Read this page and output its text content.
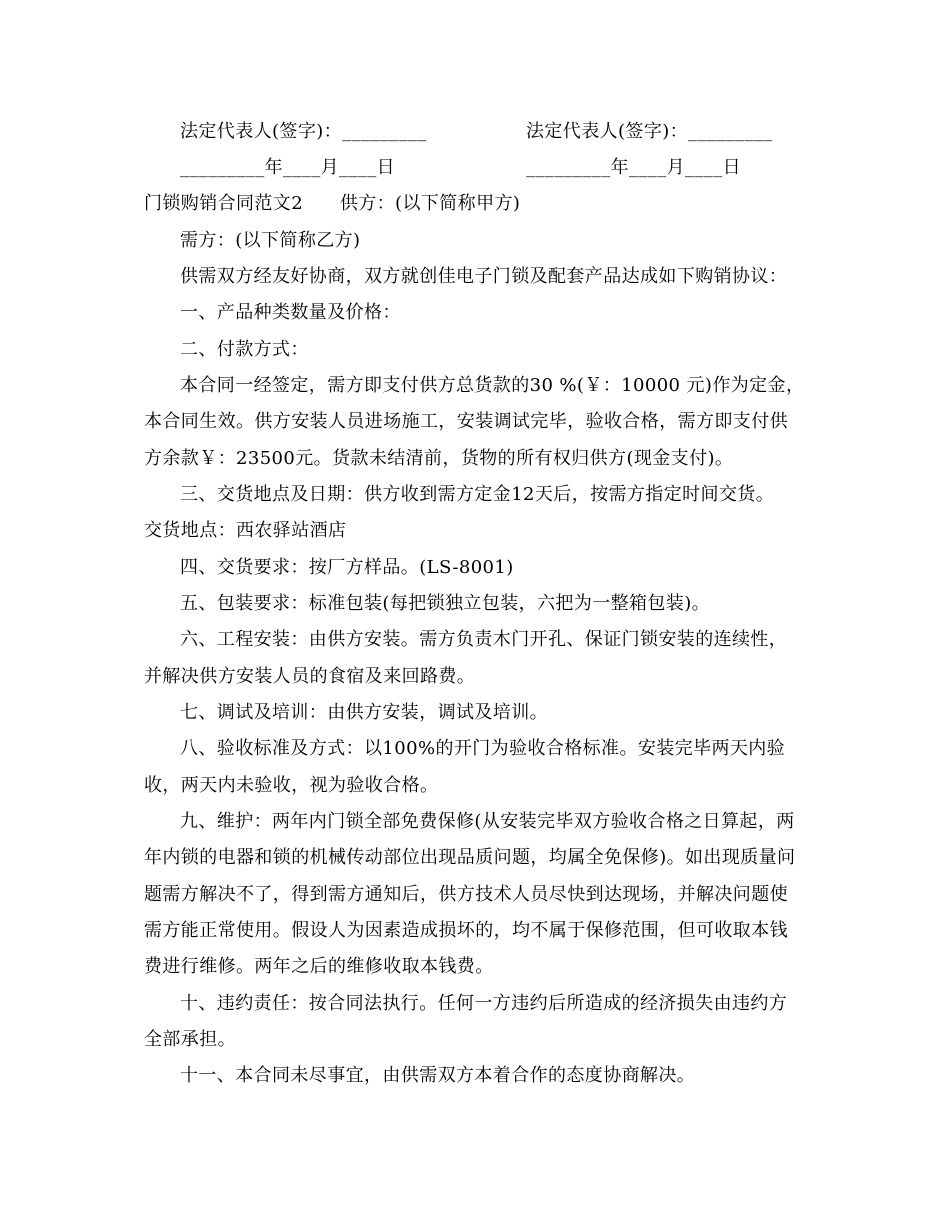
法定代表人(签字)：_________	法定代表人(签字)：_________
_________年____月____日	_________年____月____日
门锁购销合同范文2　　供方：(以下简称甲方)
需方：(以下简称乙方)
供需双方经友好协商，双方就创佳电子门锁及配套产品达成如下购销协议：
一、产品种类数量及价格：
二、付款方式：
本合同一经签定，需方即支付供方总货款的30 %(￥：10000 元)作为定金，
本合同生效。供方安装人员进场施工，安装调试完毕，验收合格，需方即支付供
方余款￥：23500元。货款未结清前，货物的所有权归供方(现金支付)。
三、交货地点及日期：供方收到需方定金12天后，按需方指定时间交货。
交货地点：西农驿站酒店
四、交货要求：按厂方样品。(LS-8001)
五、包装要求：标准包装(每把锁独立包装，六把为一整箱包装)。
六、工程安装：由供方安装。需方负责木门开孔、保证门锁安装的连续性，
并解决供方安装人员的食宿及来回路费。
七、调试及培训：由供方安装，调试及培训。
八、验收标准及方式：以100%的开门为验收合格标准。安装完毕两天内验
收，两天内未验收，视为验收合格。
九、维护：两年内门锁全部免费保修(从安装完毕双方验收合格之日算起，两
年内锁的电器和锁的机械传动部位出现品质问题，均属全免保修)。如出现质量问
题需方解决不了，得到需方通知后，供方技术人员尽快到达现场，并解决问题使
需方能正常使用。假设人为因素造成损坏的，均不属于保修范围，但可收取本钱
费进行维修。两年之后的维修收取本钱费。
十、违约责任：按合同法执行。任何一方违约后所造成的经济损失由违约方
全部承担。
十一、本合同未尽事宜，由供需双方本着合作的态度协商解决。
